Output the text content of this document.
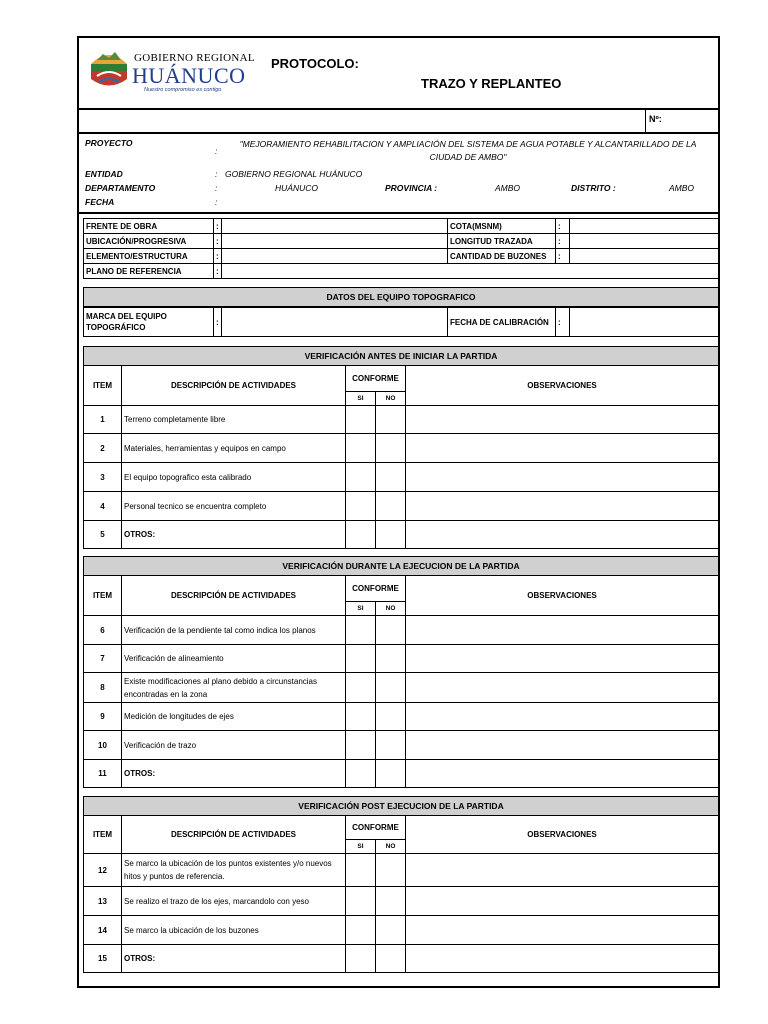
GOBIERNO REGIONAL
HUÁNUCO
Nuestro compromiso es contigo
PROTOCOLO:
TRAZO Y REPLANTEO
Nº:
PROYECTO
:
"MEJORAMIENTO REHABILITACION Y AMPLIACIÓN DEL SISTEMA DE AGUA POTABLE Y ALCANTARILLADO DE LA CIUDAD DE AMBO"
ENTIDAD	: GOBIERNO REGIONAL HUÁNUCO
DEPARTAMENTO	:	HUÁNUCO	PROVINCIA :	AMBO	DISTRITO :	AMBO
FECHA	:
FRENTE DE OBRA	:		COTA(MSNM)	:	
UBICACIÓN/PROGRESIVA	:		LONGITUD TRAZADA	:	
ELEMENTO/ESTRUCTURA	:		CANTIDAD DE BUZONES	:	
PLANO DE REFERENCIA	:				
DATOS DEL EQUIPO TOPOGRAFICO
MARCA DEL EQUIPO TOPOGRÁFICO	:		FECHA DE CALIBRACIÓN	:	
VERIFICACIÓN ANTES DE INICIAR LA PARTIDA				
ITEM	DESCRIPCIÓN DE ACTIVIDADES	CONFORME		OBSERVACIONES
		SI	NO	
1	Terreno completamente libre			
2	Materiales, herramientas y equipos en campo			
3	El equipo topografico esta calibrado			
4	Personal tecnico se encuentra completo			
5	OTROS:			
VERIFICACIÓN DURANTE LA EJECUCION DE LA PARTIDA				
ITEM	DESCRIPCIÓN DE ACTIVIDADES	CONFORME		OBSERVACIONES
		SI	NO	
6	Verificación de la pendiente tal como indica los planos			
7	Verificación de alineamiento			
8	Existe modificaciones al plano debido a circunstancias encontradas en la zona			
9	Medición de longitudes de ejes			
10	Verificación de trazo			
11	OTROS:			
VERIFICACIÓN POST EJECUCION DE LA PARTIDA				
ITEM	DESCRIPCIÓN DE ACTIVIDADES	CONFORME		OBSERVACIONES
		SI	NO	
12	Se marco la ubicación de los puntos existentes y/o nuevos hitos y puntos de referencia.			
13	Se realizo el trazo de los ejes, marcandolo con yeso			
14	Se marco la ubicación de los buzones			
15	OTROS:			
